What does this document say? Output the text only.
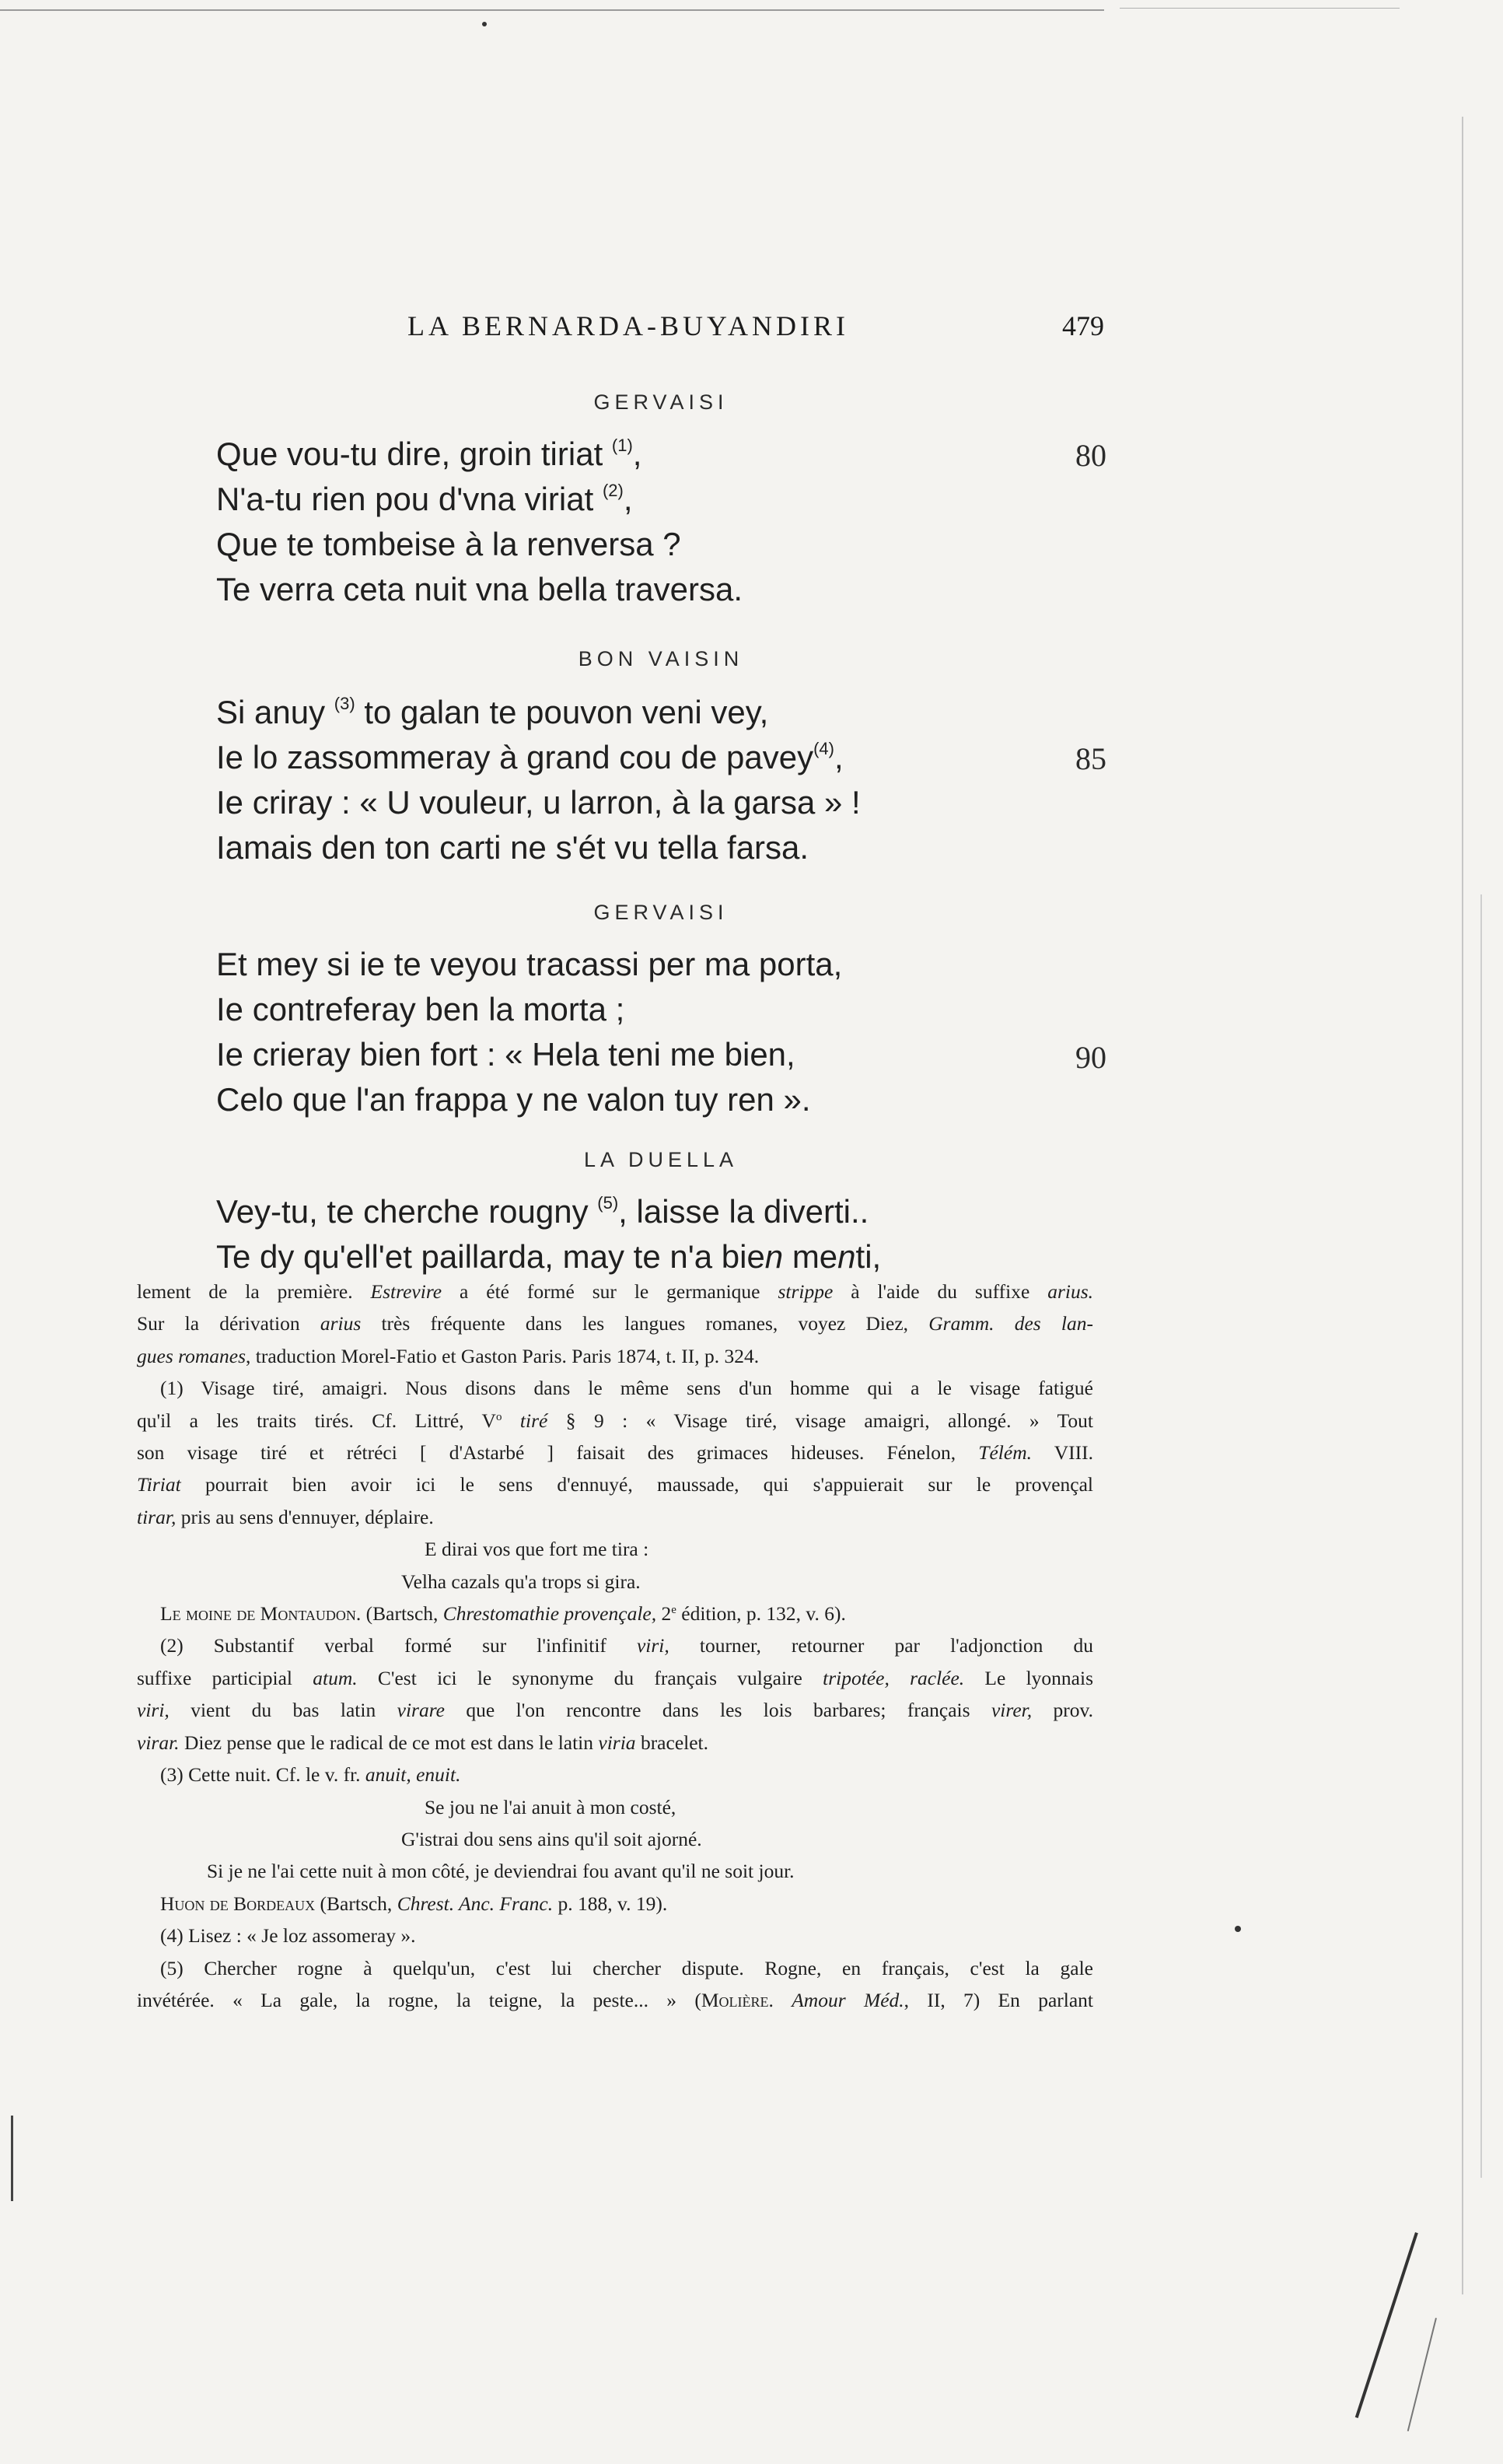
LA BERNARDA-BUYANDIRI	479
GERVAISI
Que vou-tu dire, groin tiriat $^{(1)}$,	80
N'a-tu rien pou d'vna viriat $^{(2)}$,
Que te tombeise à la renversa ?
Te verra ceta nuit vna bella traversa.
BON VAISIN
Si anuy $^{(3)}$ to galan te pouvon veni vey,
Ie lo zassommeray à grand cou de pavey$^{(4)}$,	85
Ie criray : « U vouleur, u larron, à la garsa » !
Iamais den ton carti ne s'ét vu tella farsa.
GERVAISI
Et mey si ie te veyou tracassi per ma porta,
Ie contreferay ben la morta ;
Ie crieray bien fort : « Hela teni me bien,	90
Celo que l'an frappa y ne valon tuy ren ».
LA DUELLA
Vey-tu, te cherche rougny $^{(5)}$, laisse la diverti..
Te dy qu'ell'et paillarda, may te n'a bien menti,

lement de la première. Estrevire a été formé sur le germanique strippe à l'aide du suffixe arius.

Sur la dérivation arius très fréquente dans les langues romanes, voyez Diez, Gramm. des lan-

gues romanes, traduction Morel-Fatio et Gaston Paris. Paris 1874, t. II, p. 324.

(1) Visage tiré, amaigri. Nous disons dans le même sens d'un homme qui a le visage fatigué

qu'il a les traits tirés. Cf. Littré, $V^o$ tiré § 9 : « Visage tiré, visage amaigri, allongé. » Tout

son visage tiré et rétréci [ d'Astarbé ] faisait des grimaces hideuses. Fénelon, Télém. VIII.

Tiriat pourrait bien avoir ici le sens d'ennuyé, maussade, qui s'appuierait sur le provençal

tirar, pris au sens d'ennuyer, déplaire.

E dirai vos que fort me tira :

Velha cazals qu'a trops si gira.

Le moine de Montaudon. (Bartsch, Chrestomathie provençale, 2e édition, p. 132, v. 6).

(2) Substantif verbal formé sur l'infinitif viri, tourner, retourner par l'adjonction du

suffixe participial atum. C'est ici le synonyme du français vulgaire tripotée, raclée. Le lyonnais

viri, vient du bas latin virare que l'on rencontre dans les lois barbares; français virer, prov.

virar. Diez pense que le radical de ce mot est dans le latin viria bracelet.

(3) Cette nuit. Cf. le v. fr. anuit, enuit.

Se jou ne l'ai anuit à mon costé,

G'istrai dou sens ains qu'il soit ajorné.

Si je ne l'ai cette nuit à mon côté, je deviendrai fou avant qu'il ne soit jour.

Huon de Bordeaux (Bartsch, Chrest. Anc. Franc. p. 188, v. 19).

(4) Lisez : « Je loz assomeray ».

(5) Chercher rogne à quelqu'un, c'est lui chercher dispute. Rogne, en français, c'est la gale

invétérée. « La gale, la rogne, la teigne, la peste... » (Molière. Amour Méd., II, 7) En parlant
